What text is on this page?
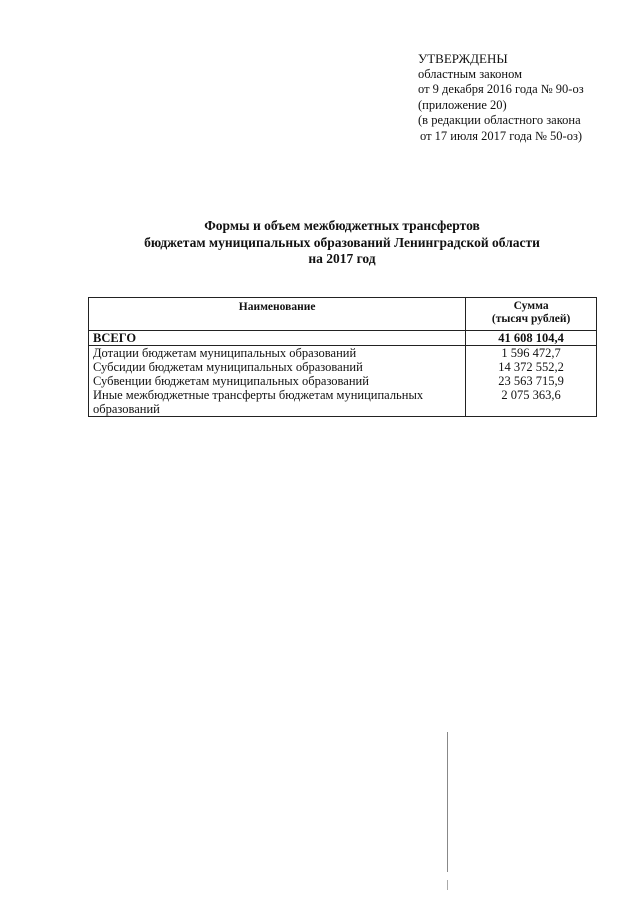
УТВЕРЖДЕНЫ
областным законом
от 9 декабря 2016 года № 90-оз
(приложение 20)
(в редакции областного закона
от 17 июля 2017 года № 50-оз)
Формы и объем межбюджетных трансфертов
бюджетам муниципальных образований Ленинградской области
на 2017 год
Наименование	Сумма
(тысяч рублей)

ВСЕГО	41 608 104,4
Дотации бюджетам муниципальных образований	1 596 472,7
Субсидии бюджетам муниципальных образований	14 372 552,2
Субвенции бюджетам муниципальных образований	23 563 715,9
Иные межбюджетные трансферты бюджетам муниципальных образований	2 075 363,6
